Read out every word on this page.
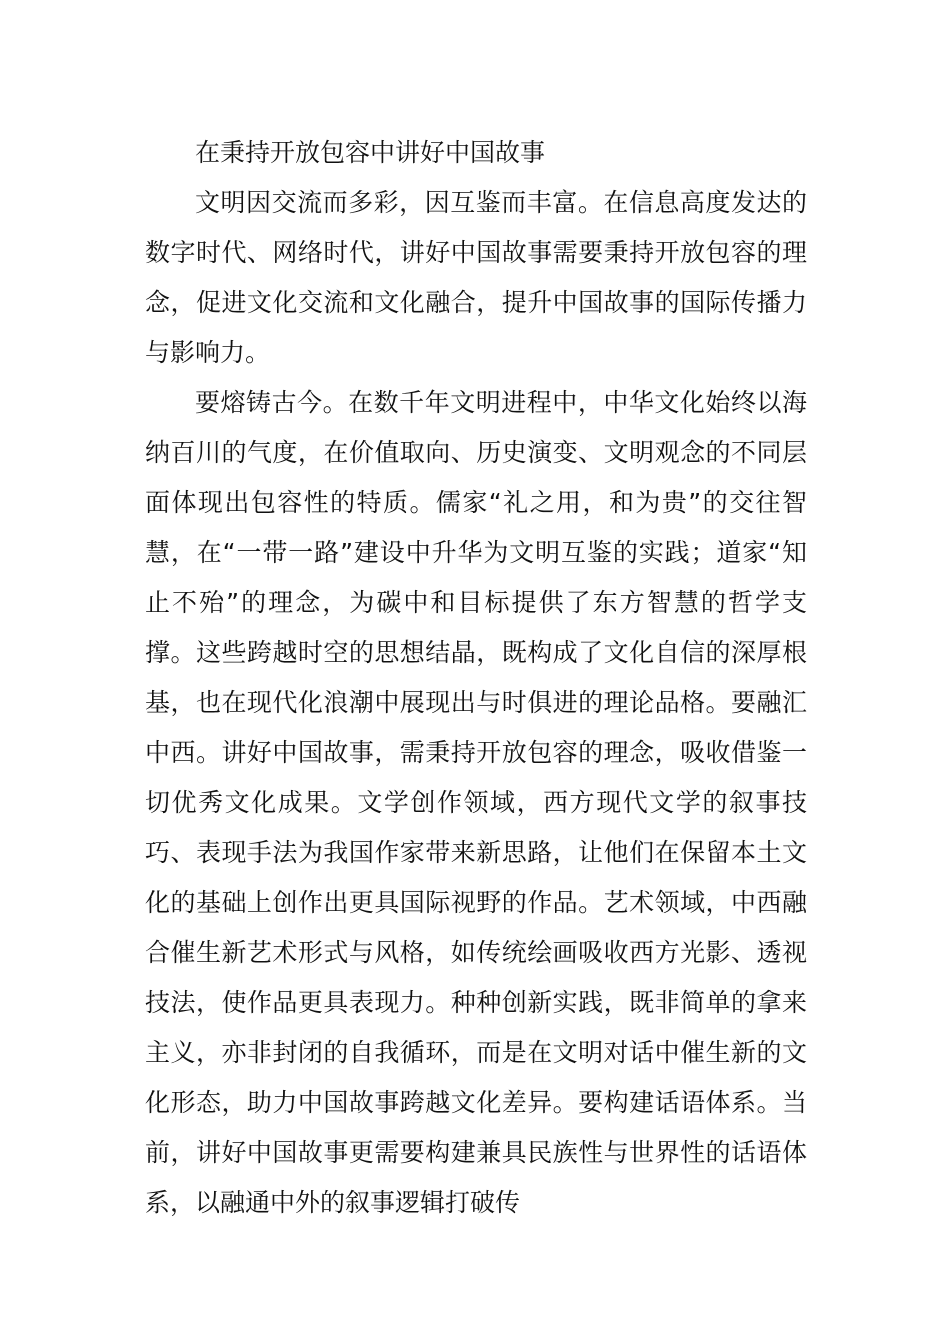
在秉持开放包容中讲好中国故事

文明因交流而多彩，因互鉴而丰富。在信息高度发达的数字时代、网络时代，讲好中国故事需要秉持开放包容的理念，促进文化交流和文化融合，提升中国故事的国际传播力与影响力。

要熔铸古今。在数千年文明进程中，中华文化始终以海纳百川的气度，在价值取向、历史演变、文明观念的不同层面体现出包容性的特质。儒家“礼之用，和为贵”的交往智慧，在“一带一路”建设中升华为文明互鉴的实践；道家“知止不殆”的理念，为碳中和目标提供了东方智慧的哲学支撑。这些跨越时空的思想结晶，既构成了文化自信的深厚根基，也在现代化浪潮中展现出与时俱进的理论品格。要融汇中西。讲好中国故事，需秉持开放包容的理念，吸收借鉴一切优秀文化成果。文学创作领域，西方现代文学的叙事技巧、表现手法为我国作家带来新思路，让他们在保留本土文化的基础上创作出更具国际视野的作品。艺术领域，中西融合催生新艺术形式与风格，如传统绘画吸收西方光影、透视技法，使作品更具表现力。种种创新实践，既非简单的拿来主义，亦非封闭的自我循环，而是在文明对话中催生新的文化形态，助力中国故事跨越文化差异。要构建话语体系。当前，讲好中国故事更需要构建兼具民族性与世界性的话语体系，以融通中外的叙事逻辑打破传
